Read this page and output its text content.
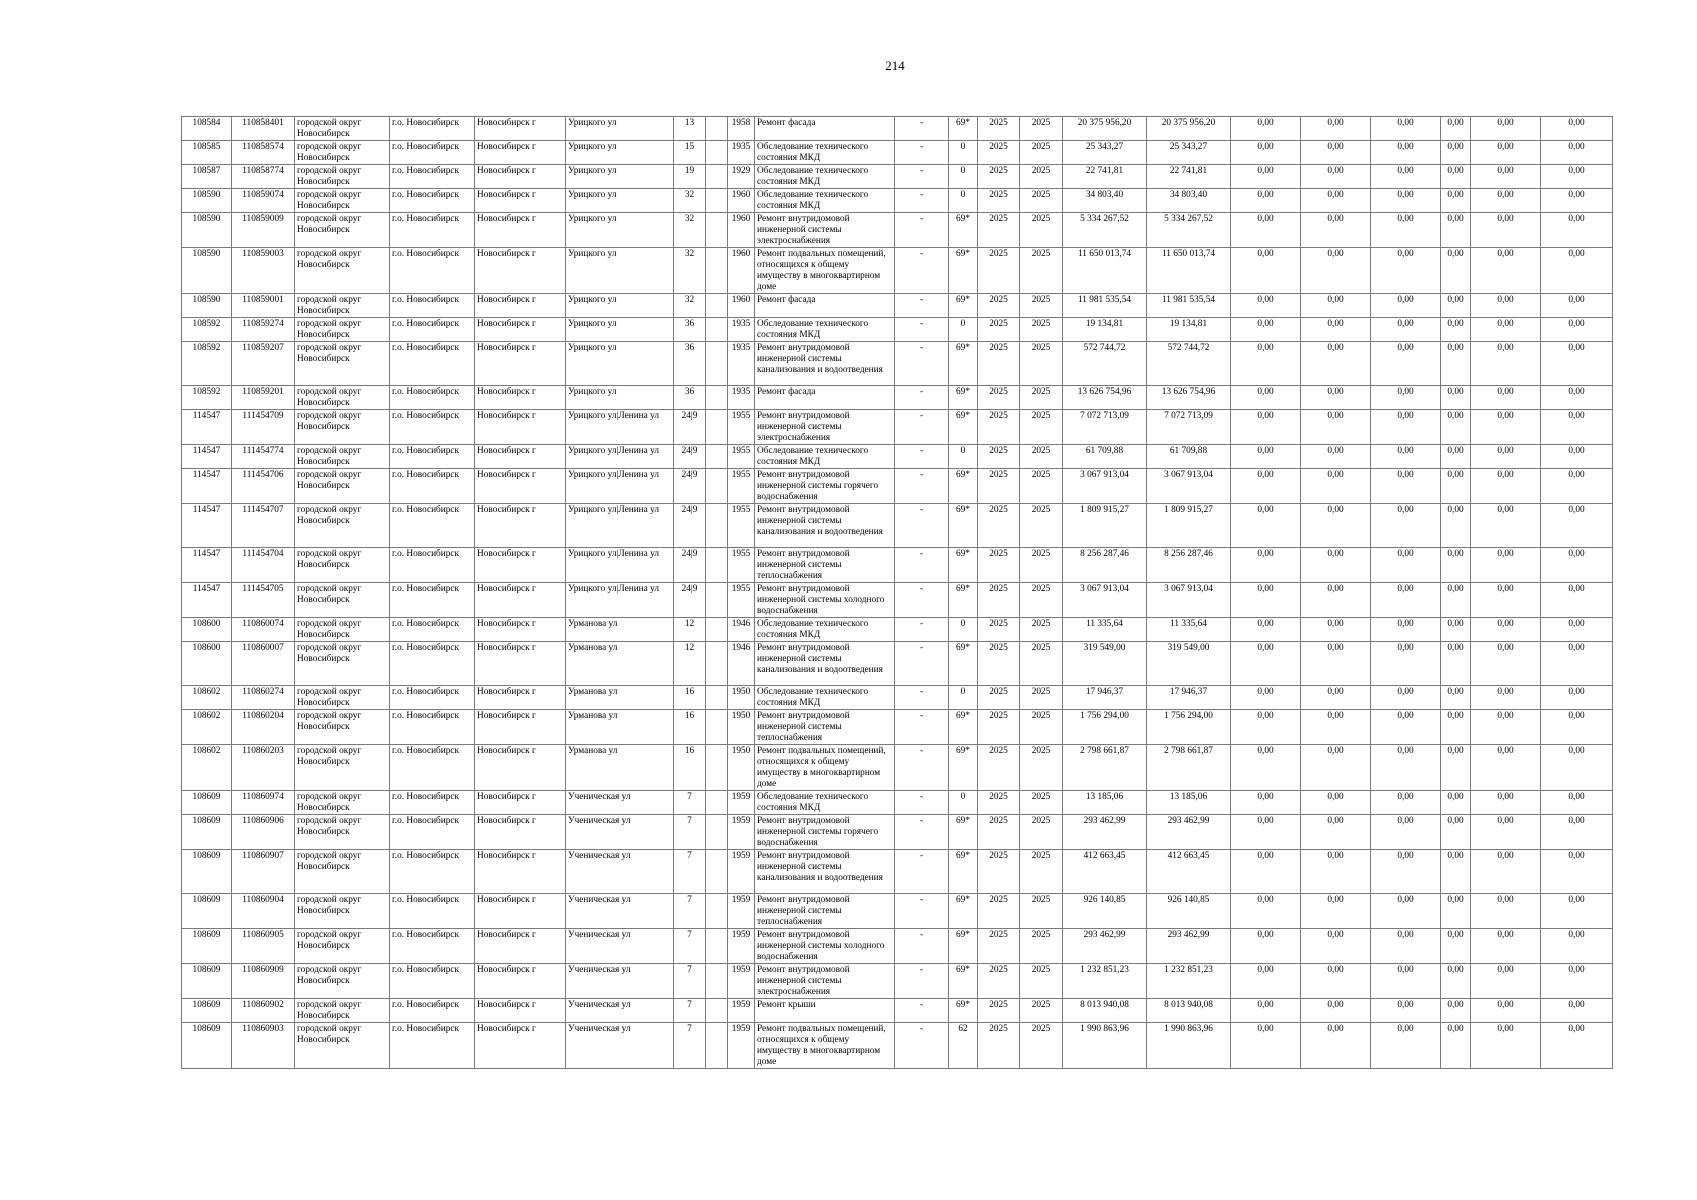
214
108584	110858401	городской округ Новосибирск	г.о. Новосибирск	Новосибирск г	Урицкого ул	13		1958	Ремонт фасада	-	69*	2025	2025	20 375 956,20	20 375 956,20	0,00	0,00	0,00	0,00	0,00	0,00
108585	110858574	городской округ Новосибирск	г.о. Новосибирск	Новосибирск г	Урицкого ул	15		1935	Обследование технического состояния МКД	-	0	2025	2025	25 343,27	25 343,27	0,00	0,00	0,00	0,00	0,00	0,00
108587	110858774	городской округ Новосибирск	г.о. Новосибирск	Новосибирск г	Урицкого ул	19		1929	Обследование технического состояния МКД	-	0	2025	2025	22 741,81	22 741,81	0,00	0,00	0,00	0,00	0,00	0,00
108590	110859074	городской округ Новосибирск	г.о. Новосибирск	Новосибирск г	Урицкого ул	32		1960	Обследование технического состояния МКД	-	0	2025	2025	34 803,40	34 803,40	0,00	0,00	0,00	0,00	0,00	0,00
108590	110859009	городской округ Новосибирск	г.о. Новосибирск	Новосибирск г	Урицкого ул	32		1960	Ремонт внутридомовой инженерной системы электроснабжения	-	69*	2025	2025	5 334 267,52	5 334 267,52	0,00	0,00	0,00	0,00	0,00	0,00
108590	110859003	городской округ Новосибирск	г.о. Новосибирск	Новосибирск г	Урицкого ул	32		1960	Ремонт подвальных помещений, относящихся к общему имуществу в многоквартирном доме	-	69*	2025	2025	11 650 013,74	11 650 013,74	0,00	0,00	0,00	0,00	0,00	0,00
108590	110859001	городской округ Новосибирск	г.о. Новосибирск	Новосибирск г	Урицкого ул	32		1960	Ремонт фасада	-	69*	2025	2025	11 981 535,54	11 981 535,54	0,00	0,00	0,00	0,00	0,00	0,00
108592	110859274	городской округ Новосибирск	г.о. Новосибирск	Новосибирск г	Урицкого ул	36		1935	Обследование технического состояния МКД	-	0	2025	2025	19 134,81	19 134,81	0,00	0,00	0,00	0,00	0,00	0,00
108592	110859207	городской округ Новосибирск	г.о. Новосибирск	Новосибирск г	Урицкого ул	36		1935	Ремонт внутридомовой инженерной системы канализования и водоотведения	-	69*	2025	2025	572 744,72	572 744,72	0,00	0,00	0,00	0,00	0,00	0,00
108592	110859201	городской округ Новосибирск	г.о. Новосибирск	Новосибирск г	Урицкого ул	36		1935	Ремонт фасада	-	69*	2025	2025	13 626 754,96	13 626 754,96	0,00	0,00	0,00	0,00	0,00	0,00
114547	111454709	городской округ Новосибирск	г.о. Новосибирск	Новосибирск г	Урицкого ул|Ленина ул	24|9		1955	Ремонт внутридомовой инженерной системы электроснабжения	-	69*	2025	2025	7 072 713,09	7 072 713,09	0,00	0,00	0,00	0,00	0,00	0,00
114547	111454774	городской округ Новосибирск	г.о. Новосибирск	Новосибирск г	Урицкого ул|Ленина ул	24|9		1955	Обследование технического состояния МКД	-	0	2025	2025	61 709,88	61 709,88	0,00	0,00	0,00	0,00	0,00	0,00
114547	111454706	городской округ Новосибирск	г.о. Новосибирск	Новосибирск г	Урицкого ул|Ленина ул	24|9		1955	Ремонт внутридомовой инженерной системы горячего водоснабжения	-	69*	2025	2025	3 067 913,04	3 067 913,04	0,00	0,00	0,00	0,00	0,00	0,00
114547	111454707	городской округ Новосибирск	г.о. Новосибирск	Новосибирск г	Урицкого ул|Ленина ул	24|9		1955	Ремонт внутридомовой инженерной системы канализования и водоотведения	-	69*	2025	2025	1 809 915,27	1 809 915,27	0,00	0,00	0,00	0,00	0,00	0,00
114547	111454704	городской округ Новосибирск	г.о. Новосибирск	Новосибирск г	Урицкого ул|Ленина ул	24|9		1955	Ремонт внутридомовой инженерной системы теплоснабжения	-	69*	2025	2025	8 256 287,46	8 256 287,46	0,00	0,00	0,00	0,00	0,00	0,00
114547	111454705	городской округ Новосибирск	г.о. Новосибирск	Новосибирск г	Урицкого ул|Ленина ул	24|9		1955	Ремонт внутридомовой инженерной системы холодного водоснабжения	-	69*	2025	2025	3 067 913,04	3 067 913,04	0,00	0,00	0,00	0,00	0,00	0,00
108600	110860074	городской округ Новосибирск	г.о. Новосибирск	Новосибирск г	Урманова ул	12		1946	Обследование технического состояния МКД	-	0	2025	2025	11 335,64	11 335,64	0,00	0,00	0,00	0,00	0,00	0,00
108600	110860007	городской округ Новосибирск	г.о. Новосибирск	Новосибирск г	Урманова ул	12		1946	Ремонт внутридомовой инженерной системы канализования и водоотведения	-	69*	2025	2025	319 549,00	319 549,00	0,00	0,00	0,00	0,00	0,00	0,00
108602	110860274	городской округ Новосибирск	г.о. Новосибирск	Новосибирск г	Урманова ул	16		1950	Обследование технического состояния МКД	-	0	2025	2025	17 946,37	17 946,37	0,00	0,00	0,00	0,00	0,00	0,00
108602	110860204	городской округ Новосибирск	г.о. Новосибирск	Новосибирск г	Урманова ул	16		1950	Ремонт внутридомовой инженерной системы теплоснабжения	-	69*	2025	2025	1 756 294,00	1 756 294,00	0,00	0,00	0,00	0,00	0,00	0,00
108602	110860203	городской округ Новосибирск	г.о. Новосибирск	Новосибирск г	Урманова ул	16		1950	Ремонт подвальных помещений, относящихся к общему имуществу в многоквартирном доме	-	69*	2025	2025	2 798 661,87	2 798 661,87	0,00	0,00	0,00	0,00	0,00	0,00
108609	110860974	городской округ Новосибирск	г.о. Новосибирск	Новосибирск г	Ученическая ул	7		1959	Обследование технического состояния МКД	-	0	2025	2025	13 185,06	13 185,06	0,00	0,00	0,00	0,00	0,00	0,00
108609	110860906	городской округ Новосибирск	г.о. Новосибирск	Новосибирск г	Ученическая ул	7		1959	Ремонт внутридомовой инженерной системы горячего водоснабжения	-	69*	2025	2025	293 462,99	293 462,99	0,00	0,00	0,00	0,00	0,00	0,00
108609	110860907	городской округ Новосибирск	г.о. Новосибирск	Новосибирск г	Ученическая ул	7		1959	Ремонт внутридомовой инженерной системы канализования и водоотведения	-	69*	2025	2025	412 663,45	412 663,45	0,00	0,00	0,00	0,00	0,00	0,00
108609	110860904	городской округ Новосибирск	г.о. Новосибирск	Новосибирск г	Ученическая ул	7		1959	Ремонт внутридомовой инженерной системы теплоснабжения	-	69*	2025	2025	926 140,85	926 140,85	0,00	0,00	0,00	0,00	0,00	0,00
108609	110860905	городской округ Новосибирск	г.о. Новосибирск	Новосибирск г	Ученическая ул	7		1959	Ремонт внутридомовой инженерной системы холодного водоснабжения	-	69*	2025	2025	293 462,99	293 462,99	0,00	0,00	0,00	0,00	0,00	0,00
108609	110860909	городской округ Новосибирск	г.о. Новосибирск	Новосибирск г	Ученическая ул	7		1959	Ремонт внутридомовой инженерной системы электроснабжения	-	69*	2025	2025	1 232 851,23	1 232 851,23	0,00	0,00	0,00	0,00	0,00	0,00
108609	110860902	городской округ Новосибирск	г.о. Новосибирск	Новосибирск г	Ученическая ул	7		1959	Ремонт крыши	-	69*	2025	2025	8 013 940,08	8 013 940,08	0,00	0,00	0,00	0,00	0,00	0,00
108609	110860903	городской округ Новосибирск	г.о. Новосибирск	Новосибирск г	Ученическая ул	7		1959	Ремонт подвальных помещений, относящихся к общему имуществу в многоквартирном доме	-	62	2025	2025	1 990 863,96	1 990 863,96	0,00	0,00	0,00	0,00	0,00	0,00
